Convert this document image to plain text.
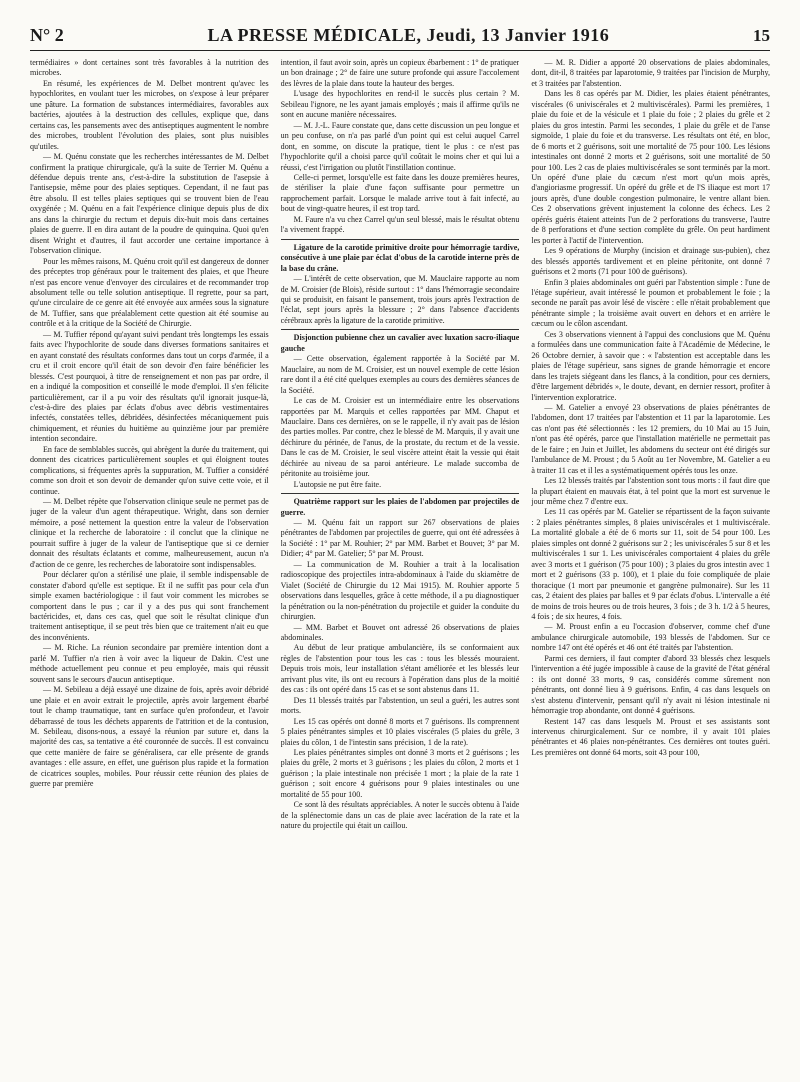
N° 2	LA PRESSE MÉDICALE, Jeudi, 13 Janvier 1916	15

termédiaires » dont certaines sont très favorables à la nutrition des microbes.

En résumé, les expériences de M. Delbet montrent qu'avec les hypochlorites, en voulant tuer les microbes, on s'expose à leur préparer une pâture. La formation de substances intermédiaires, favorables aux bactéries, ajoutées à la destruction des cellules, explique que, dans certains cas, les pansements avec des antiseptiques augmentent le nombre des microbes, troublent l'évolution des plaies, sont plus nuisibles qu'utiles.

— M. Quénu constate que les recherches intéressantes de M. Delbet confirment la pratique chirurgicale, qu'à la suite de Terrier M. Quénu a défendue depuis trente ans, c'est-à-dire la substitution de l'asepsie à l'antisepsie, même pour des plaies septiques. Cependant, il ne faut pas être absolu. Il est telles plaies septiques qui se trouvent bien de l'eau oxygénée ; M. Quénu en a fait l'expérience clinique depuis plus de dix ans dans la chirurgie du rectum et depuis dix-huit mois dans certaines plaies de guerre. Il en dira autant de la poudre de quinquina. Quoi qu'en disent Wright et d'autres, il faut accorder une certaine importance à l'observation clinique.

Pour les mêmes raisons, M. Quénu croit qu'il est dangereux de donner des préceptes trop généraux pour le traitement des plaies, et que l'heure n'est pas encore venue d'envoyer des circulaires et de recommander trop absolument telle ou telle solution antiseptique. Il regrette, pour sa part, qu'une circulaire de ce genre ait été envoyée aux armées sous la signature de M. Tuffier, sans que préalablement cette question ait été soumise au contrôle et à la critique de la Société de Chirurgie.

— M. Tuffier répond qu'ayant suivi pendant très longtemps les essais faits avec l'hypochlorite de soude dans diverses formations sanitaires et en ayant constaté des résultats conformes dans tout un corps d'armée, il a cru et il croit encore qu'il était de son devoir d'en faire bénéficier les blessés. C'est pourquoi, à titre de renseignement et non pas par ordre, il en a indiqué la composition et conseillé le mode d'emploi. Il s'en félicite particulièrement, car il a pu voir des résultats qu'il ignorait jusque-là, c'est-à-dire des plaies par éclats d'obus avec débris vestimentaires infectés, constatées telles, débridées, désinfectées mécaniquement puis chimiquement, et réunies du huitième au quinzième jour par première intention secondaire.

En face de semblables succès, qui abrègent la durée du traitement, qui donnent des cicatrices particulièrement souples et qui éloignent toutes complications, si fréquentes après la suppuration, M. Tuffier a considéré comme son droit et son devoir de demander qu'on suive cette voie, et il continue.

— M. Delbet répète que l'observation clinique seule ne permet pas de juger de la valeur d'un agent thérapeutique. Wright, dans son dernier mémoire, a posé nettement la question entre la valeur de l'observation clinique et la recherche de laboratoire : il conclut que la clinique ne pourrait suffire à juger de la valeur de l'antiseptique que si ce dernier donnait des résultats éclatants et comme, malheureusement, aucun n'a d'action de ce genre, les recherches de laboratoire sont indispensables.

Pour déclarer qu'on a stérilisé une plaie, il semble indispensable de constater d'abord qu'elle est septique. Et il ne suffit pas pour cela d'un simple examen bactériologique : il faut voir comment les microbes se comportent dans le pus ; car il y a des pus qui sont franchement bactéricides, et, dans ces cas, quel que soit le résultat clinique d'un traitement antiseptique, il se peut très bien que ce traitement n'ait eu que des inconvénients.

— M. Riche. La réunion secondaire par première intention dont a parlé M. Tuffier n'a rien à voir avec la liqueur de Dakin. C'est une méthode actuellement peu connue et peu employée, mais qui réussit souvent sans le secours d'aucun antiseptique.

— M. Sebileau a déjà essayé une dizaine de fois, après avoir débridé une plaie et en avoir extrait le projectile, après avoir largement ébarbé tout le champ traumatique, tant en surface qu'en profondeur, et l'avoir débarrassé de tous les déchets apparents de l'attrition et de la contusion, M. Sebileau, disons-nous, a essayé la réunion par suture et, dans la majorité des cas, sa tentative a été couronnée de succès. Il est convaincu que cette manière de faire se généralisera, car elle présente de grands avantages : elle assure, en effet, une guérison plus rapide et la formation de cicatrices souples, mobiles. Pour réussir cette réunion des plaies de guerre par première

intention, il faut avoir soin, après un copieux ébarbement : 1° de pratiquer un bon drainage ; 2° de faire une suture profonde qui assure l'accolement des lèvres de la plaie dans toute la hauteur des berges.

L'usage des hypochlorites en rend-il le succès plus certain ? M. Sebileau l'ignore, ne les ayant jamais employés ; mais il affirme qu'ils ne sont en aucune manière nécessaires.

— M. J.-L. Faure constate que, dans cette discussion un peu longue et un peu confuse, on n'a pas parlé d'un point qui est celui auquel Carrel dont, en somme, on discute la pratique, tient le plus : ce n'est pas l'hypochlorite qu'il a choisi parce qu'il coûtait le moins cher et qui lui a réussi, c'est l'irrigation ou plutôt l'instillation continue.

Celle-ci permet, lorsqu'elle est faite dans les douze premières heures, de stériliser la plaie d'une façon suffisante pour permettre un rapprochement parfait. Lorsque le malade arrive tout à fait infecté, au bout de vingt-quatre heures, il est trop tard.

M. Faure n'a vu chez Carrel qu'un seul blessé, mais le résultat obtenu l'a vivement frappé.

Ligature de la carotide primitive droite pour hémorragie tardive, consécutive à une plaie par éclat d'obus de la carotide interne près de la base du crâne.

— L'intérêt de cette observation, que M. Mauclaire rapporte au nom de M. Croisier (de Blois), réside surtout : 1° dans l'hémorragie secondaire qui se produisit, en faisant le pansement, trois jours après l'extraction de l'éclat, sept jours après la blessure ; 2° dans l'absence d'accidents cérébraux après la ligature de la carotide primitive.

Disjonction pubienne chez un cavalier avec luxation sacro-iliaque gauche

— Cette observation, également rapportée à la Société par M. Mauclaire, au nom de M. Croisier, est un nouvel exemple de cette lésion rare dont il a été cité quelques exemples au cours des dernières séances de la Société.

Le cas de M. Croisier est un intermédiaire entre les observations rapportées par M. Marquis et celles rapportées par MM. Chaput et Mauclaire. Dans ces dernières, on se le rappelle, il n'y avait pas de lésion des parties molles. Par contre, chez le blessé de M. Marquis, il y avait une déchirure du périnée, de l'anus, de la prostate, du rectum et de la vessie. Dans le cas de M. Croisier, le seul viscère atteint était la vessie qui était déchirée au niveau de sa paroi antérieure. Le malade succomba de péritonite au troisième jour.

L'autopsie ne put être faite.

Quatrième rapport sur les plaies de l'abdomen par projectiles de guerre.

— M. Quénu fait un rapport sur 267 observations de plaies pénétrantes de l'abdomen par projectiles de guerre, qui ont été adressées à la Société : 1° par M. Rouhier; 2° par MM. Barbet et Bouvet; 3° par M. Didier; 4° par M. Gatelier; 5° par M. Proust.

— La communication de M. Rouhier a trait à la localisation radioscopique des projectiles intra-abdominaux à l'aide du skiamètre de Vialet (Société de Chirurgie du 12 Mai 1915). M. Rouhier apporte 5 observations dans lesquelles, grâce à cette méthode, il a pu diagnostiquer la pénétration ou la non-pénétration du projectile et guider la conduite du chirurgien.

— MM. Barbet et Bouvet ont adressé 26 observations de plaies abdominales.

Au début de leur pratique ambulancière, ils se conformaient aux règles de l'abstention pour tous les cas : tous les blessés mouraient. Depuis trois mois, leur installation s'étant améliorée et les blessés leur arrivant plus vite, ils ont eu recours à l'opération dans plus de la moitié des cas : ils ont opéré dans 15 cas et se sont abstenus dans 11.

Des 11 blessés traités par l'abstention, un seul a guéri, les autres sont morts.

Les 15 cas opérés ont donné 8 morts et 7 guérisons. Ils comprennent 5 plaies pénétrantes simples et 10 plaies viscérales (5 plaies du grêle, 3 plaies du côlon, 1 de l'intestin sans précision, 1 de la rate).

Les plaies pénétrantes simples ont donné 3 morts et 2 guérisons ; les plaies du grêle, 2 morts et 3 guérisons ; les plaies du côlon, 2 morts et 1 guérison ; la plaie intestinale non précisée 1 mort ; la plaie de la rate 1 guérison ; soit encore 4 guérisons pour 9 plaies intestinales ou une mortalité de 55 pour 100.

Ce sont là des résultats appréciables. A noter le succès obtenu à l'aide de la splénectomie dans un cas de plaie avec lacération de la rate et la nature du projectile qui était un caillou.

— M. R. Didier a apporté 20 observations de plaies abdominales, dont, dit-il, 8 traitées par laparotomie, 9 traitées par l'incision de Murphy, et 3 traitées par l'abstention.

Dans les 8 cas opérés par M. Didier, les plaies étaient pénétrantes, viscérales (6 univiscérales et 2 multiviscérales). Parmi les premières, 1 plaie du foie et de la vésicule et 1 plaie du foie ; 2 plaies du grêle et 2 plaies du gros intestin. Parmi les secondes, 1 plaie du grêle et de l'anse sigmoïde, 1 plaie du foie et du transverse. Les résultats ont été, en bloc, de 6 morts et 2 guérisons, soit une mortalité de 75 pour 100. Les lésions intestinales ont donné 2 morts et 2 guérisons, soit une mortalité de 50 pour 100. Les 2 cas de plaies multiviscérales se sont terminés par la mort. Un opéré d'une plaie du cæcum n'est mort qu'un mois après, d'angioriasme progressif. Un opéré du grêle et de l'S iliaque est mort 17 jours après, d'une double congestion pulmonaire, le ventre allant bien. Ces 2 observations grèvent injustement la colonne des échecs. Les 2 opérés guéris étaient atteints l'un de 2 perforations du transverse, l'autre de 8 perforations et d'une section complète du grêle. On peut hardiment les porter à l'actif de l'intervention.

Les 9 opérations de Murphy (incision et drainage sus-pubien), chez des blessés apportés tardivement et en pleine péritonite, ont donné 7 guérisons et 2 morts (71 pour 100 de guérisons).

Enfin 3 plaies abdominales ont guéri par l'abstention simple : l'une de l'étage supérieur, avait intéressé le poumon et probablement le foie ; la seconde ne paraît pas avoir lésé de viscère : elle n'était probablement que pénétrante simple ; la troisième avait ouvert en dehors et en arrière le cæcum ou le côlon ascendant.

Ces 3 observations viennent à l'appui des conclusions que M. Quénu a formulées dans une communication faite à l'Académie de Médecine, le 26 Octobre dernier, à savoir que : « l'abstention est acceptable dans les plaies de l'étage supérieur, sans signes de grande hémorragie et encore dans les trajets siégeant dans les flancs, à la condition, pour ces derniers, d'être largement débridés », le doute, devant, en dernier ressort, profiter à l'intervention exploratrice.

— M. Gatelier a envoyé 23 observations de plaies pénétrantes de l'abdomen, dont 17 traitées par l'abstention et 11 par la laparotomie. Les cas n'ont pas été sélectionnés : les 12 premiers, du 10 Mai au 15 Juin, n'ont pas été opérés, parce que l'installation matérielle ne permettait pas de le faire ; en Juin et Juillet, les abdomens du secteur ont été dirigés sur l'ambulance de M. Proust ; du 5 Août au 1er Novembre, M. Gatelier a eu à traiter 11 cas et il les a systématiquement opérés tous les onze.

Les 12 blessés traités par l'abstention sont tous morts : il faut dire que la plupart étaient en mauvais état, à tel point que la mort est survenue le jour même chez 7 d'entre eux.

Les 11 cas opérés par M. Gatelier se répartissent de la façon suivante : 2 plaies pénétrantes simples, 8 plaies univiscérales et 1 multiviscérale. La mortalité globale a été de 6 morts sur 11, soit de 54 pour 100. Les plaies simples ont donné 2 guérisons sur 2 ; les univiscérales 5 sur 8 et les multiviscérales 1 sur 1. Les univiscérales comportaient 4 plaies du grêle avec 3 morts et 1 guérison (75 pour 100) ; 3 plaies du gros intestin avec 1 mort et 2 guérisons (33 p. 100), et 1 plaie du foie compliquée de plaie thoracique (1 mort par pneumonie et gangrène pulmonaire). Sur les 11 cas, 2 étaient des plaies par balles et 9 par éclats d'obus. L'intervalle a été de moins de trois heures ou de trois heures, 3 fois ; de 3 h. 1/2 à 5 heures, 4 fois ; de six heures, 4 fois.

— M. Proust enfin a eu l'occasion d'observer, comme chef d'une ambulance chirurgicale automobile, 193 blessés de l'abdomen. Sur ce nombre 147 ont été opérés et 46 ont été traités par l'abstention.

Parmi ces derniers, il faut compter d'abord 33 blessés chez lesquels l'intervention a été jugée impossible à cause de la gravité de l'état général : ils ont donné 33 morts, 9 cas, considérés comme sûrement non pénétrants, ont donné lieu à 9 guérisons. Enfin, 4 cas dans lesquels on s'est abstenu d'intervenir, pensant qu'il n'y avait ni lésion intestinale ni hémorragie trop abondante, ont donné 4 guérisons.

Restent 147 cas dans lesquels M. Proust et ses assistants sont intervenus chirurgicalement. Sur ce nombre, il y avait 101 plaies pénétrantes et 46 plaies non-pénétrantes. Ces dernières ont toutes guéri. Les premières ont donné 64 morts, soit 43 pour 100,
